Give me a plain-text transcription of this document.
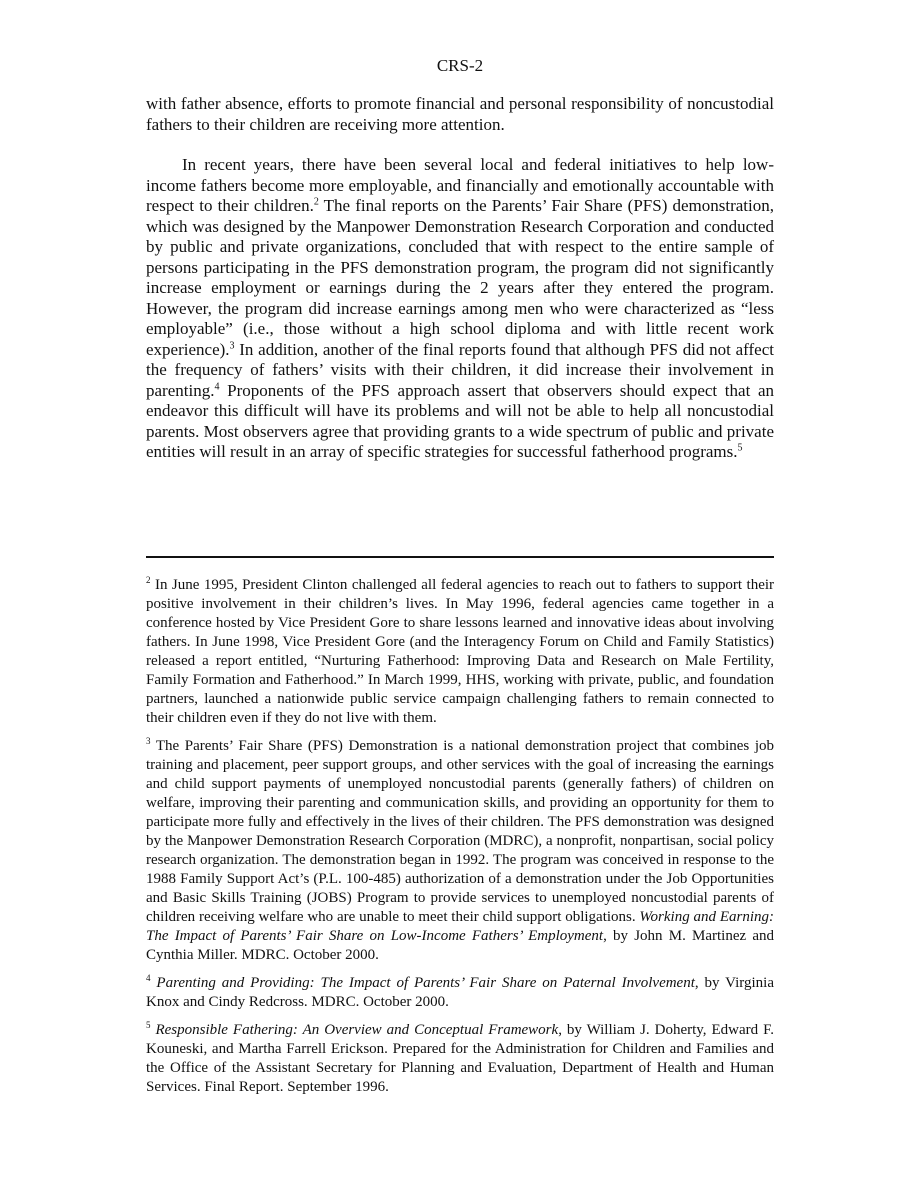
CRS-2

with father absence, efforts to promote financial and personal responsibility of noncustodial fathers to their children are receiving more attention.

In recent years, there have been several local and federal initiatives to help low-income fathers become more employable, and financially and emotionally accountable with respect to their children.$^2$ The final reports on the Parents’ Fair Share (PFS) demonstration, which was designed by the Manpower Demonstration Research Corporation and conducted by public and private organizations, concluded that with respect to the entire sample of persons participating in the PFS demonstration program, the program did not significantly increase employment or earnings during the 2 years after they entered the program. However, the program did increase earnings among men who were characterized as “less employable” (i.e., those without a high school diploma and with little recent work experience).$^3$ In addition, another of the final reports found that although PFS did not affect the frequency of fathers’ visits with their children, it did increase their involvement in parenting.$^4$ Proponents of the PFS approach assert that observers should expect that an endeavor this difficult will have its problems and will not be able to help all noncustodial parents. Most observers agree that providing grants to a wide spectrum of public and private entities will result in an array of specific strategies for successful fatherhood programs.$^5$

$^2$ In June 1995, President Clinton challenged all federal agencies to reach out to fathers to support their positive involvement in their children’s lives. In May 1996, federal agencies came together in a conference hosted by Vice President Gore to share lessons learned and innovative ideas about involving fathers. In June 1998, Vice President Gore (and the Interagency Forum on Child and Family Statistics) released a report entitled, “Nurturing Fatherhood: Improving Data and Research on Male Fertility, Family Formation and Fatherhood.” In March 1999, HHS, working with private, public, and foundation partners, launched a nationwide public service campaign challenging fathers to remain connected to their children even if they do not live with them.

$^3$ The Parents’ Fair Share (PFS) Demonstration is a national demonstration project that combines job training and placement, peer support groups, and other services with the goal of increasing the earnings and child support payments of unemployed noncustodial parents (generally fathers) of children on welfare, improving their parenting and communication skills, and providing an opportunity for them to participate more fully and effectively in the lives of their children. The PFS demonstration was designed by the Manpower Demonstration Research Corporation (MDRC), a nonprofit, nonpartisan, social policy research organization. The demonstration began in 1992. The program was conceived in response to the 1988 Family Support Act’s (P.L. 100-485) authorization of a demonstration under the Job Opportunities and Basic Skills Training (JOBS) Program to provide services to unemployed noncustodial parents of children receiving welfare who are unable to meet their child support obligations. Working and Earning: The Impact of Parents’ Fair Share on Low-Income Fathers’ Employment, by John M. Martinez and Cynthia Miller. MDRC. October 2000.

$^4$ Parenting and Providing: The Impact of Parents’ Fair Share on Paternal Involvement, by Virginia Knox and Cindy Redcross. MDRC. October 2000.

$^5$ Responsible Fathering: An Overview and Conceptual Framework, by William J. Doherty, Edward F. Kouneski, and Martha Farrell Erickson. Prepared for the Administration for Children and Families and the Office of the Assistant Secretary for Planning and Evaluation, Department of Health and Human Services. Final Report. September 1996.
